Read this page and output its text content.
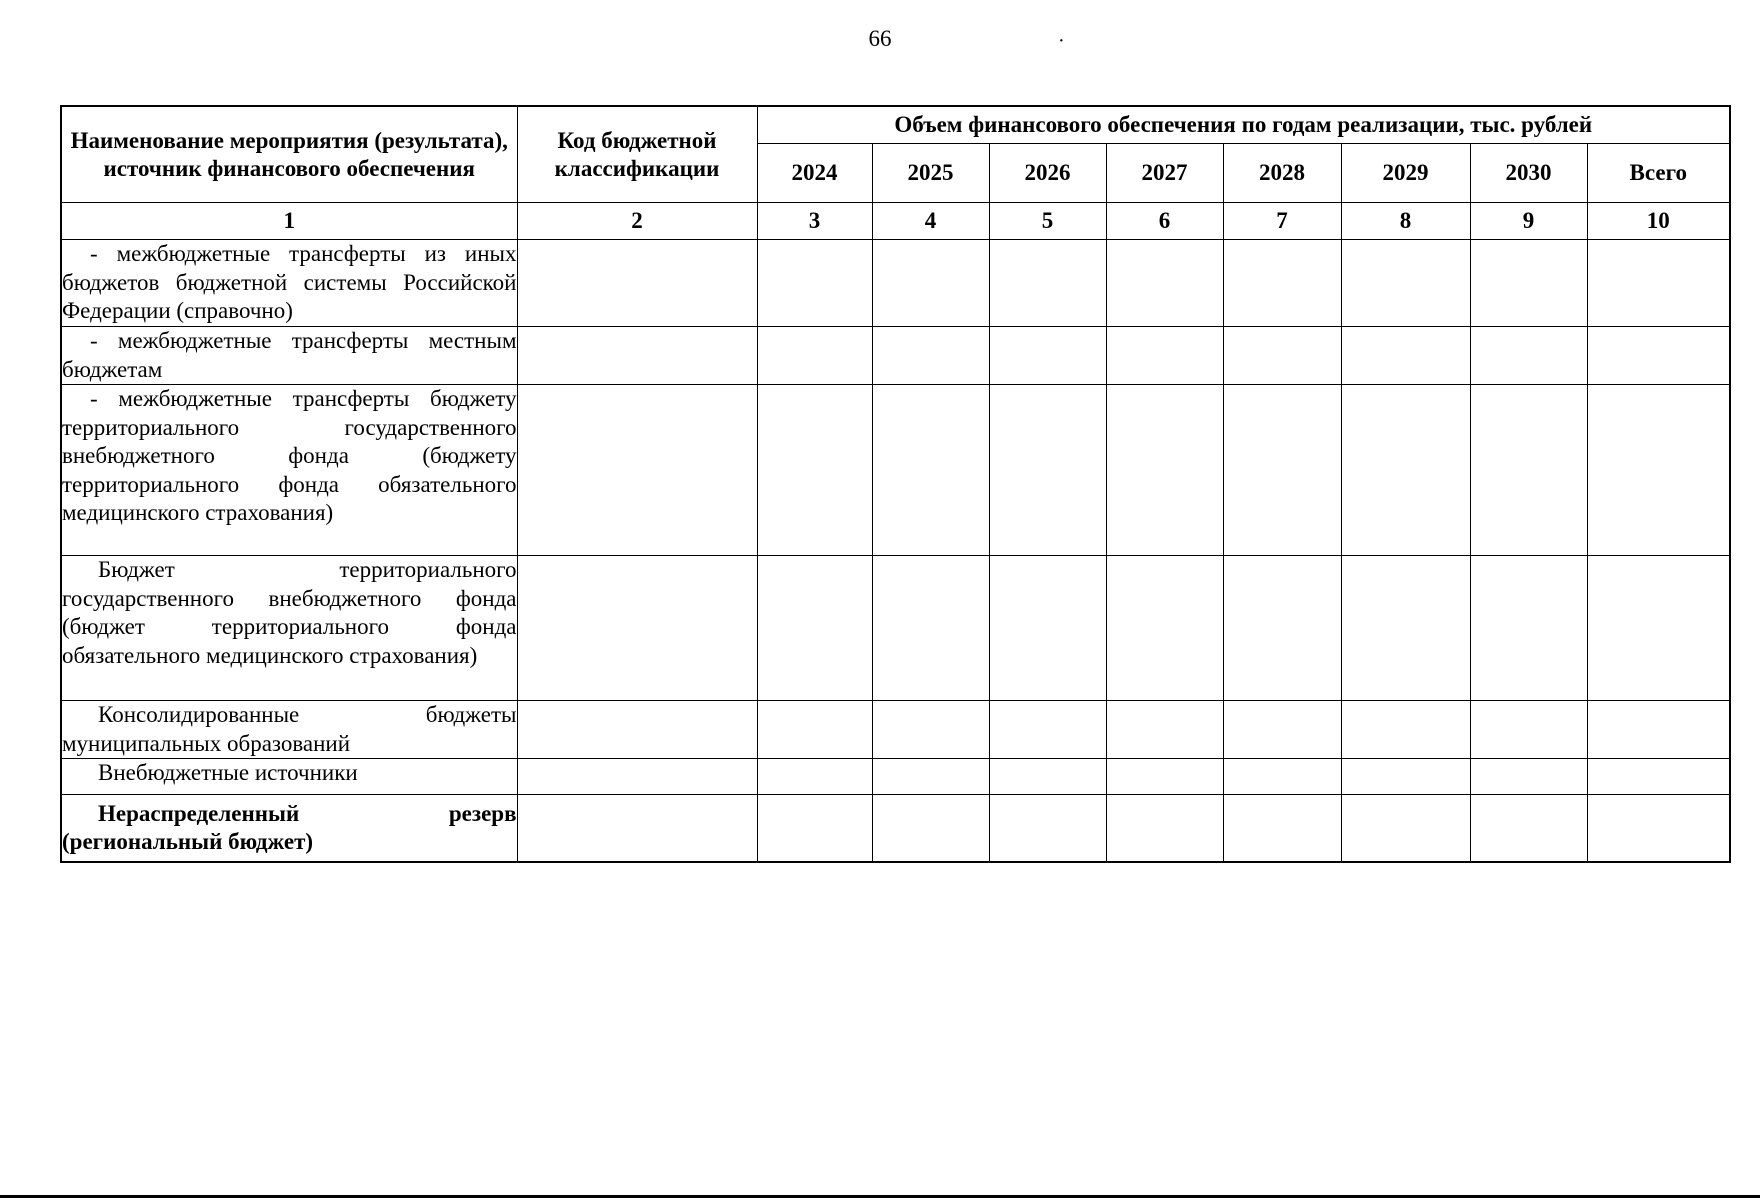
66	·
Наименование мероприятия (результата), источник финансового обеспечения	Код бюджетной классификации	Объем финансового обеспечения по годам реализации, тыс. рублей							
		2024	2025	2026	2027	2028	2029	2030	Всего
1	2	3	4	5	6	7	8	9	10
- межбюджетные трансферты из иных бюджетов бюджетной системы Российской Федерации (справочно)									
- межбюджетные трансферты местным бюджетам									
- межбюджетные трансферты бюджету территориального государственного внебюджетного фонда (бюджету территориального фонда обязательного медицинского страхования)									
Бюджет территориального государственного внебюджетного фонда (бюджет территориального фонда обязательного медицинского страхования)									
Консолидированные бюджеты муниципальных образований									
Внебюджетные источники									
Нераспределенный резерв (региональный бюджет)									
